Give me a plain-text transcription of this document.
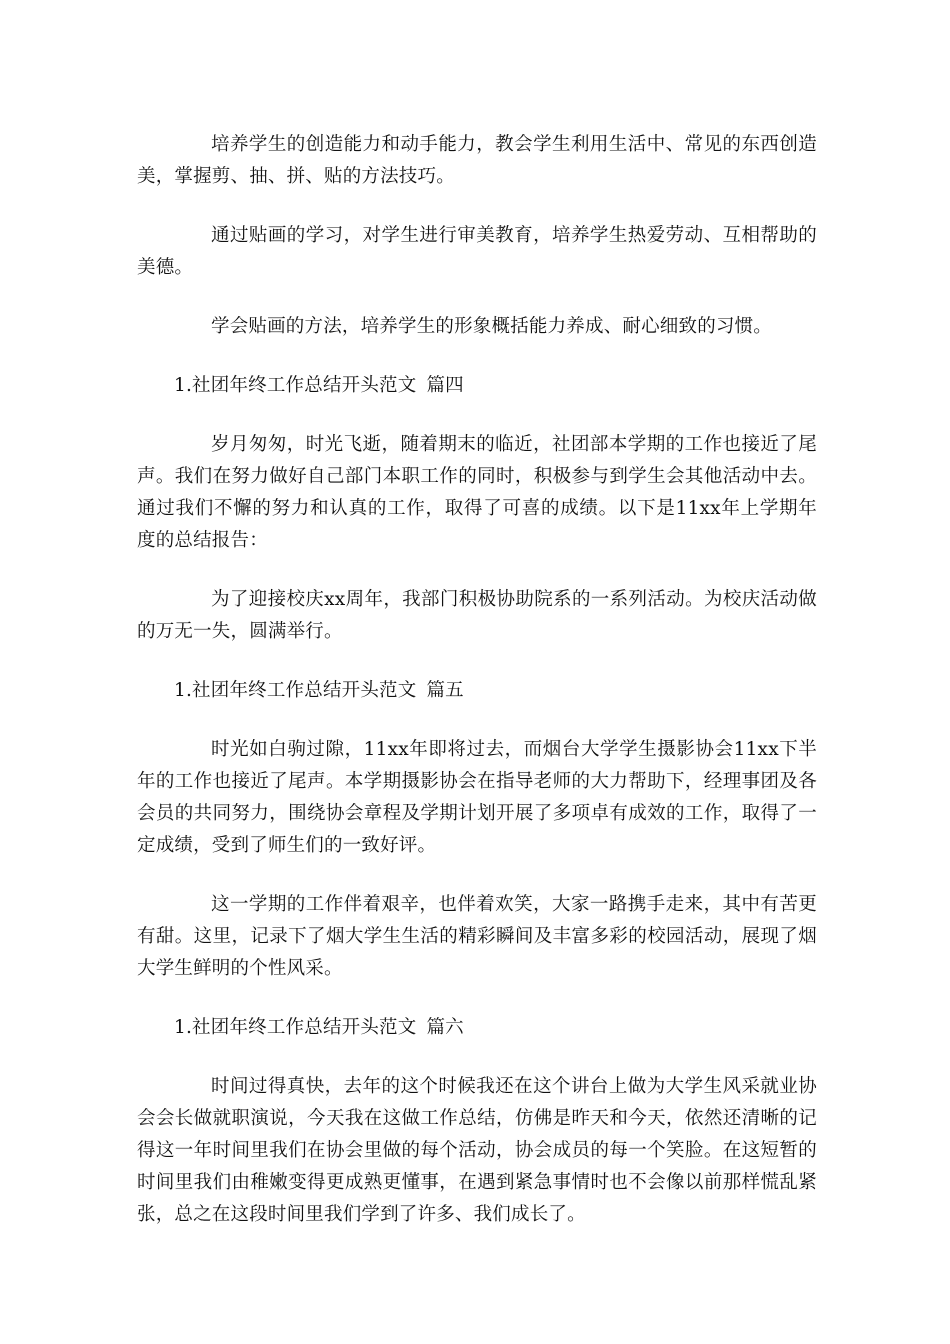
培养学生的创造能力和动手能力，教会学生利用生活中、常见的东西创造美，掌握剪、抽、拼、贴的方法技巧。

通过贴画的学习，对学生进行审美教育，培养学生热爱劳动、互相帮助的美德。

学会贴画的方法，培养学生的形象概括能力养成、耐心细致的习惯。

1.社团年终工作总结开头范文 篇四

岁月匆匆，时光飞逝，随着期末的临近，社团部本学期的工作也接近了尾声。我们在努力做好自己部门本职工作的同时，积极参与到学生会其他活动中去。通过我们不懈的努力和认真的工作，取得了可喜的成绩。以下是11xx年上学期年度的总结报告：

为了迎接校庆xx周年，我部门积极协助院系的一系列活动。为校庆活动做的万无一失，圆满举行。

1.社团年终工作总结开头范文 篇五

时光如白驹过隙，11xx年即将过去，而烟台大学学生摄影协会11xx下半年的工作也接近了尾声。本学期摄影协会在指导老师的大力帮助下，经理事团及各会员的共同努力，围绕协会章程及学期计划开展了多项卓有成效的工作，取得了一定成绩，受到了师生们的一致好评。

这一学期的工作伴着艰辛，也伴着欢笑，大家一路携手走来，其中有苦更有甜。这里，记录下了烟大学生生活的精彩瞬间及丰富多彩的校园活动，展现了烟大学生鲜明的个性风采。

1.社团年终工作总结开头范文 篇六

时间过得真快，去年的这个时候我还在这个讲台上做为大学生风采就业协会会长做就职演说，今天我在这做工作总结，仿佛是昨天和今天，依然还清晰的记得这一年时间里我们在协会里做的每个活动，协会成员的每一个笑脸。在这短暂的时间里我们由稚嫩变得更成熟更懂事，在遇到紧急事情时也不会像以前那样慌乱紧张，总之在这段时间里我们学到了许多、我们成长了。
